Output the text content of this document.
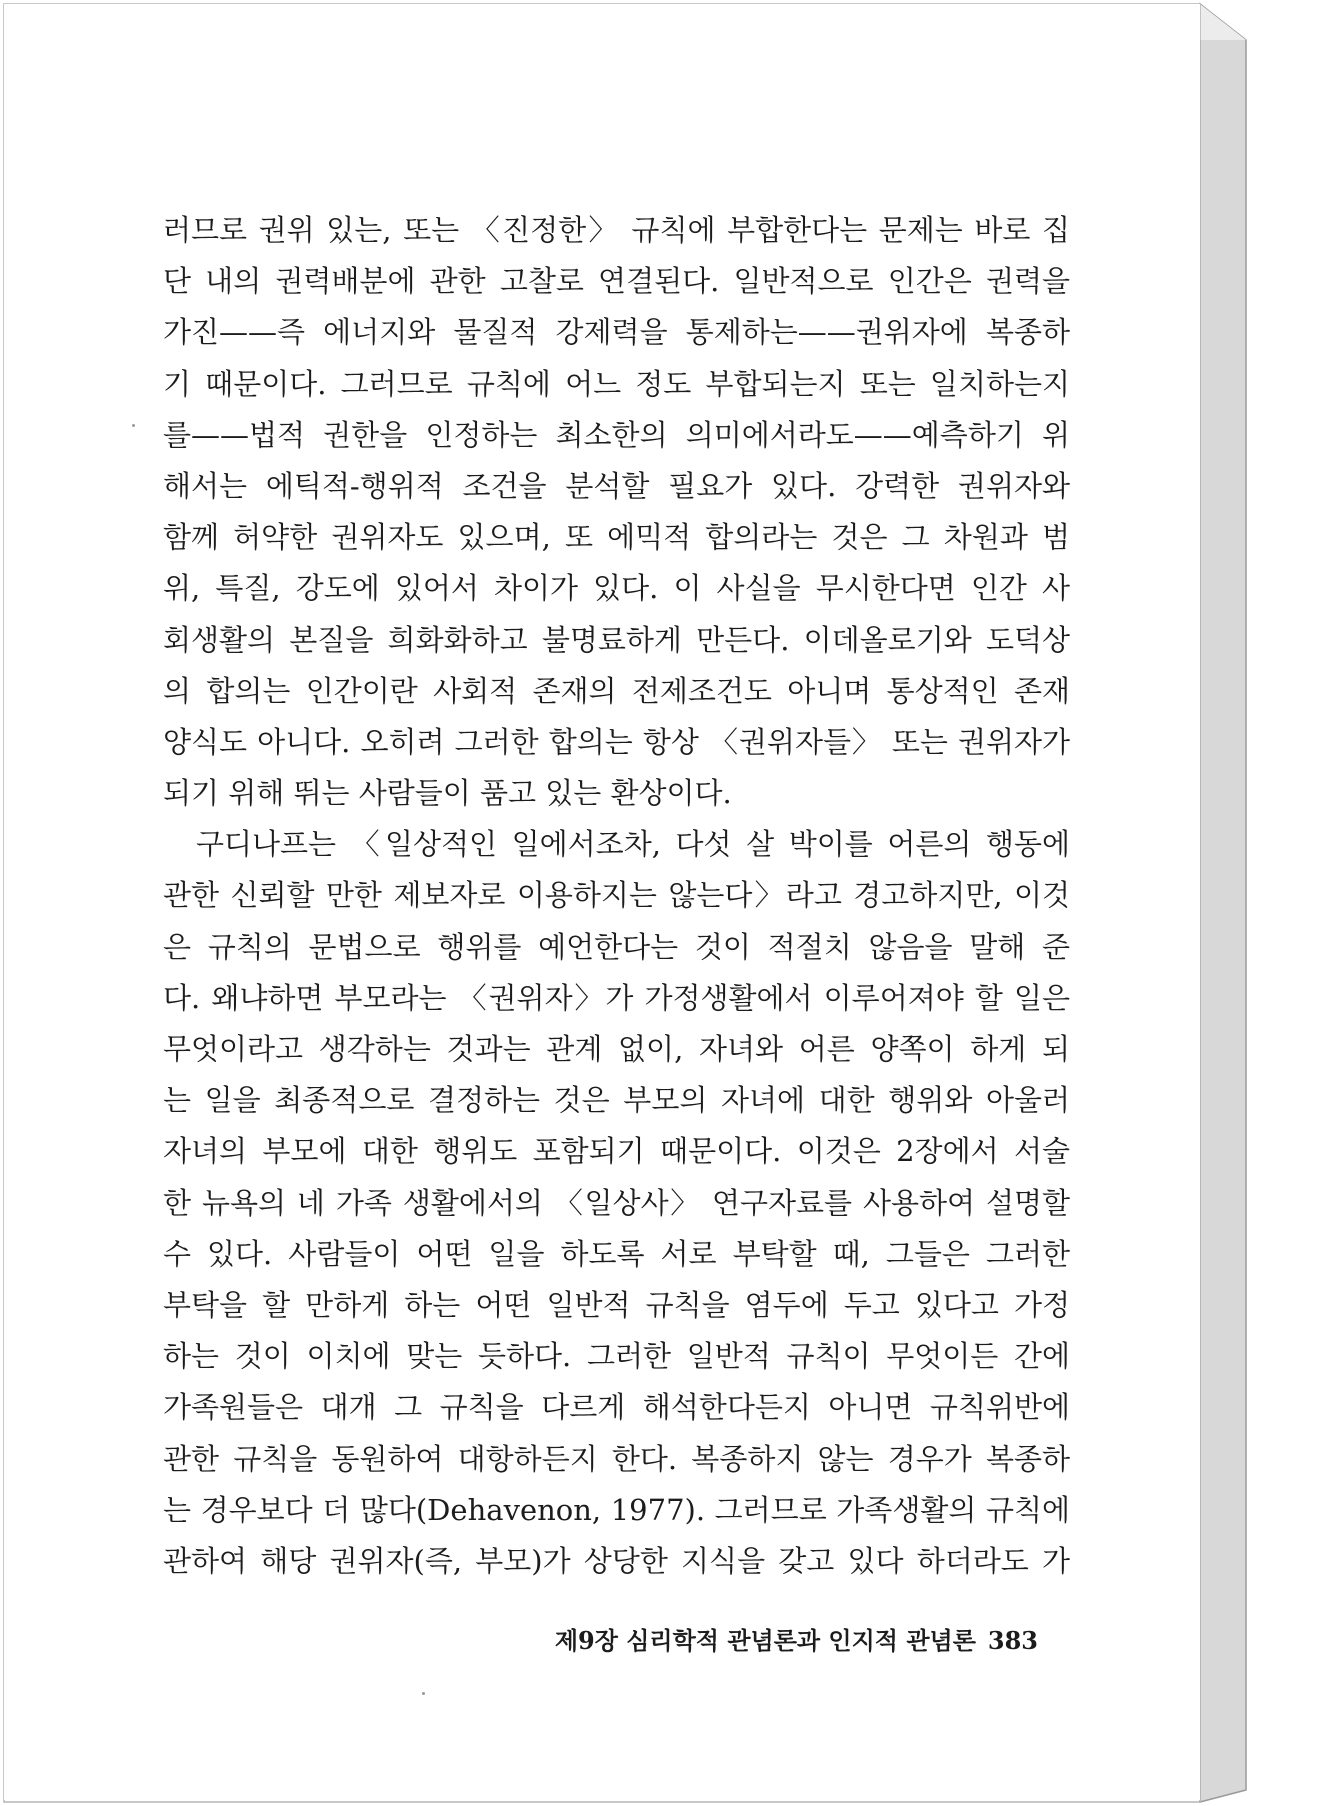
러므로 권위 있는, 또는 〈진정한〉 규칙에 부합한다는 문제는 바로 집
단 내의 권력배분에 관한 고찰로 연결된다. 일반적으로 인간은 권력을
가진——즉 에너지와 물질적 강제력을 통제하는——권위자에 복종하
기 때문이다. 그러므로 규칙에 어느 정도 부합되는지 또는 일치하는지
를——법적 권한을 인정하는 최소한의 의미에서라도——예측하기 위
해서는 에틱적-행위적 조건을 분석할 필요가 있다. 강력한 권위자와
함께 허약한 권위자도 있으며, 또 에믹적 합의라는 것은 그 차원과 범
위, 특질, 강도에 있어서 차이가 있다. 이 사실을 무시한다면 인간 사
회생활의 본질을 희화화하고 불명료하게 만든다. 이데올로기와 도덕상
의 합의는 인간이란 사회적 존재의 전제조건도 아니며 통상적인 존재
양식도 아니다. 오히려 그러한 합의는 항상 〈권위자들〉 또는 권위자가
되기 위해 뛰는 사람들이 품고 있는 환상이다.
구디나프는 〈일상적인 일에서조차, 다섯 살 박이를 어른의 행동에
관한 신뢰할 만한 제보자로 이용하지는 않는다〉라고 경고하지만, 이것
은 규칙의 문법으로 행위를 예언한다는 것이 적절치 않음을 말해 준
다. 왜냐하면 부모라는 〈권위자〉가 가정생활에서 이루어져야 할 일은
무엇이라고 생각하는 것과는 관계 없이, 자녀와 어른 양쪽이 하게 되
는 일을 최종적으로 결정하는 것은 부모의 자녀에 대한 행위와 아울러
자녀의 부모에 대한 행위도 포함되기 때문이다. 이것은 2장에서 서술
한 뉴욕의 네 가족 생활에서의 〈일상사〉 연구자료를 사용하여 설명할
수 있다. 사람들이 어떤 일을 하도록 서로 부탁할 때, 그들은 그러한
부탁을 할 만하게 하는 어떤 일반적 규칙을 염두에 두고 있다고 가정
하는 것이 이치에 맞는 듯하다. 그러한 일반적 규칙이 무엇이든 간에
가족원들은 대개 그 규칙을 다르게 해석한다든지 아니면 규칙위반에
관한 규칙을 동원하여 대항하든지 한다. 복종하지 않는 경우가 복종하
는 경우보다 더 많다(Dehavenon, 1977). 그러므로 가족생활의 규칙에
관하여 해당 권위자(즉, 부모)가 상당한 지식을 갖고 있다 하더라도 가
제9장 심리학적 관념론과 인지적 관념론 383
